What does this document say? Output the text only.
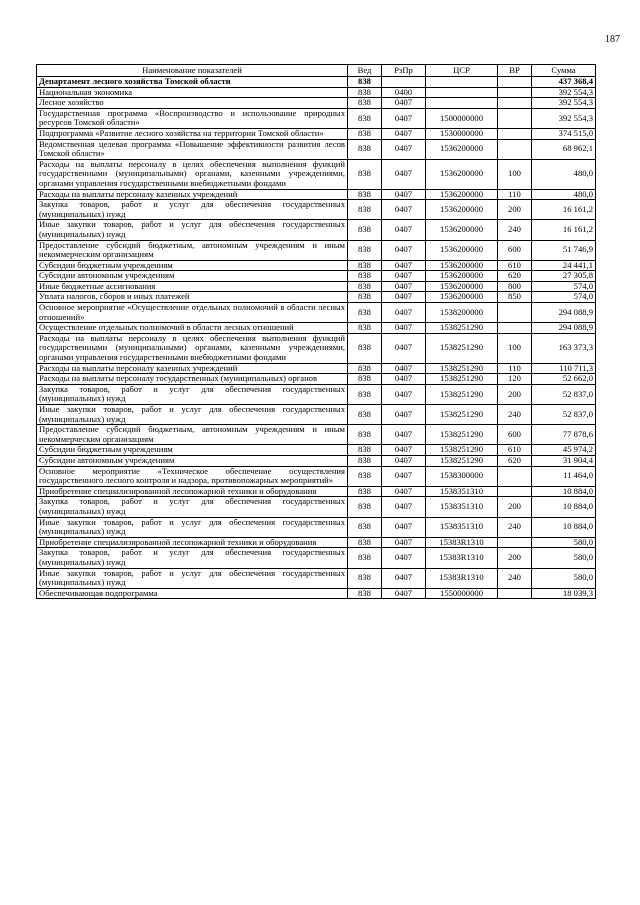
187
Наименование показателей	Вед	РзПр	ЦСР	ВР	Сумма
Департамент лесного хозяйства Томской области	838				437 368,4
Национальная экономика	838	0400			392 554,3
Лесное хозяйство	838	0407			392 554,3
Государственная программа «Воспроизводство и использование природных ресурсов Томской области»	838	0407	1500000000		392 554,3
Подпрограмма «Развитие лесного хозяйства на территории Томской области»	838	0407	1530000000		374 515,0
Ведомственная целевая программа «Повышение эффективности развития лесов Томской области»	838	0407	1536200000		68 962,1
Расходы на выплаты персоналу в целях обеспечения выполнения функций государственными (муниципальными) органами, казенными учреждениями, органами управления государственными внебюджетными фондами	838	0407	1536200000	100	480,0
Расходы на выплаты персоналу казенных учреждений	838	0407	1536200000	110	480,0
Закупка товаров, работ и услуг для обеспечения государственных (муниципальных) нужд	838	0407	1536200000	200	16 161,2
Иные закупки товаров, работ и услуг для обеспечения государственных (муниципальных) нужд	838	0407	1536200000	240	16 161,2
Предоставление субсидий бюджетным, автономным учреждениям и иным некоммерческим организациям	838	0407	1536200000	600	51 746,9
Субсидии бюджетным учреждениям	838	0407	1536200000	610	24 441,1
Субсидии автономным учреждениям	838	0407	1536200000	620	27 305,8
Иные бюджетные ассигнования	838	0407	1536200000	800	574,0
Уплата налогов, сборов и иных платежей	838	0407	1536200000	850	574,0
Основное мероприятие «Осуществление отдельных полномочий в области лесных отношений»	838	0407	1538200000		294 088,9
Осуществление отдельных полномочий в области лесных отношений	838	0407	1538251290		294 088,9
Расходы на выплаты персоналу в целях обеспечения выполнения функций государственными (муниципальными) органами, казенными учреждениями, органами управления государственными внебюджетными фондами	838	0407	1538251290	100	163 373,3
Расходы на выплаты персоналу казенных учреждений	838	0407	1538251290	110	110 711,3
Расходы на выплаты персоналу государственных (муниципальных) органов	838	0407	1538251290	120	52 662,0
Закупка товаров, работ и услуг для обеспечения государственных (муниципальных) нужд	838	0407	1538251290	200	52 837,0
Иные закупки товаров, работ и услуг для обеспечения государственных (муниципальных) нужд	838	0407	1538251290	240	52 837,0
Предоставление субсидий бюджетным, автономным учреждениям и иным некоммерческим организациям	838	0407	1538251290	600	77 878,6
Субсидии бюджетным учреждениям	838	0407	1538251290	610	45 974,2
Субсидии автономным учреждениям	838	0407	1538251290	620	31 904,4
Основное мероприятие «Техническое обеспечение осуществления государственного лесного контроля и надзора, противопожарных мероприятий»	838	0407	1538300000		11 464,0
Приобретение специализированной лесопожарной техники и оборудования	838	0407	1538351310		10 884,0
Закупка товаров, работ и услуг для обеспечения государственных (муниципальных) нужд	838	0407	1538351310	200	10 884,0
Иные закупки товаров, работ и услуг для обеспечения государственных (муниципальных) нужд	838	0407	1538351310	240	10 884,0
Приобретение специализированной лесопожарной техники и оборудования	838	0407	15383R1310		580,0
Закупка товаров, работ и услуг для обеспечения государственных (муниципальных) нужд	838	0407	15383R1310	200	580,0
Иные закупки товаров, работ и услуг для обеспечения государственных (муниципальных) нужд	838	0407	15383R1310	240	580,0
Обеспечивающая подпрограмма	838	0407	1550000000		18 039,3
